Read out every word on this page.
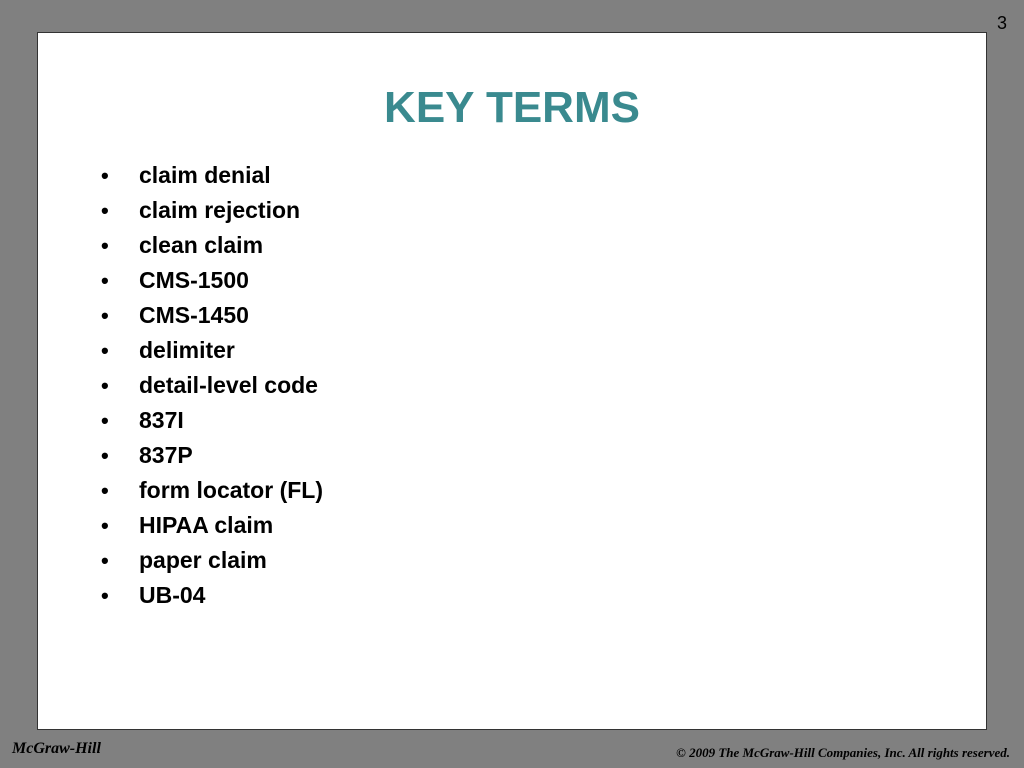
3
KEY TERMS
•	claim denial
•	claim rejection
•	clean claim
•	CMS-1500
•	CMS-1450
•	delimiter
•	detail-level code
•	837I
•	837P
•	form locator (FL)
•	HIPAA claim
•	paper claim
•	UB-04
McGraw-Hill	© 2009 The McGraw-Hill Companies, Inc. All rights reserved.
